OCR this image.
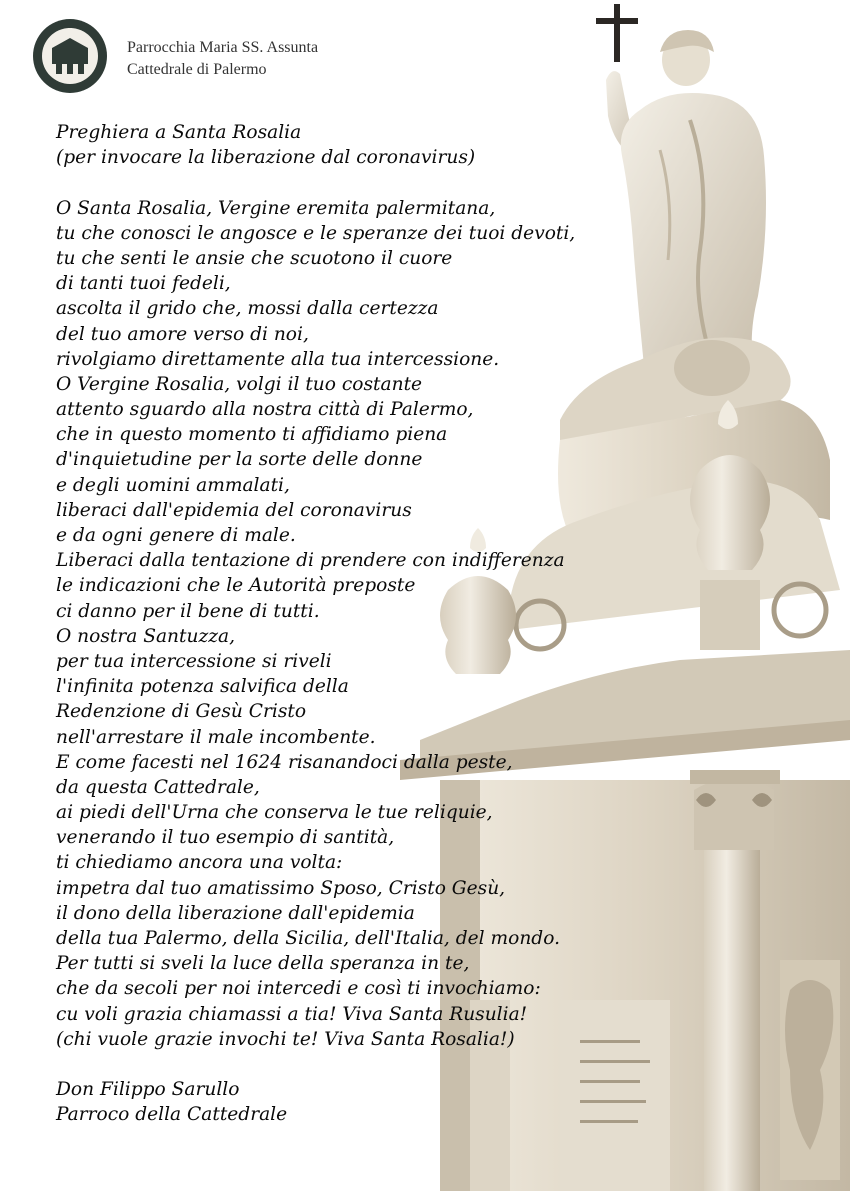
Parrocchia Maria SS. Assunta
Cattedrale di Palermo
Preghiera a Santa Rosalia
(per invocare la liberazione dal coronavirus)
O Santa Rosalia, Vergine eremita palermitana,
tu che conosci le angosce e le speranze dei tuoi devoti,
tu che senti le ansie che scuotono il cuore
di tanti tuoi fedeli,
ascolta il grido che, mossi dalla certezza
del tuo amore verso di noi,
rivolgiamo direttamente alla tua intercessione.
O Vergine Rosalia, volgi il tuo costante
attento sguardo alla nostra città di Palermo,
che in questo momento ti affidiamo piena
d'inquietudine per la sorte delle donne
e degli uomini ammalati,
liberaci dall'epidemia del coronavirus
e da ogni genere di male.
Liberaci dalla tentazione di prendere con indifferenza
le indicazioni che le Autorità preposte
ci danno per il bene di tutti.
O nostra Santuzza,
per tua intercessione si riveli
l'infinita potenza salvifica della
Redenzione di Gesù Cristo
nell'arrestare il male incombente.
E come facesti nel 1624 risanandoci dalla peste,
da questa Cattedrale,
ai piedi dell'Urna che conserva le tue reliquie,
venerando il tuo esempio di santità,
ti chiediamo ancora una volta:
impetra dal tuo amatissimo Sposo, Cristo Gesù,
il dono della liberazione dall'epidemia
della tua Palermo, della Sicilia, dell'Italia, del mondo.
Per tutti si sveli la luce della speranza in te,
che da secoli per noi intercedi e così ti invochiamo:
cu voli grazia chiamassi a tia! Viva Santa Rusulia!
(chi vuole grazie invochi te! Viva Santa Rosalia!)
Don Filippo Sarullo
Parroco della Cattedrale
